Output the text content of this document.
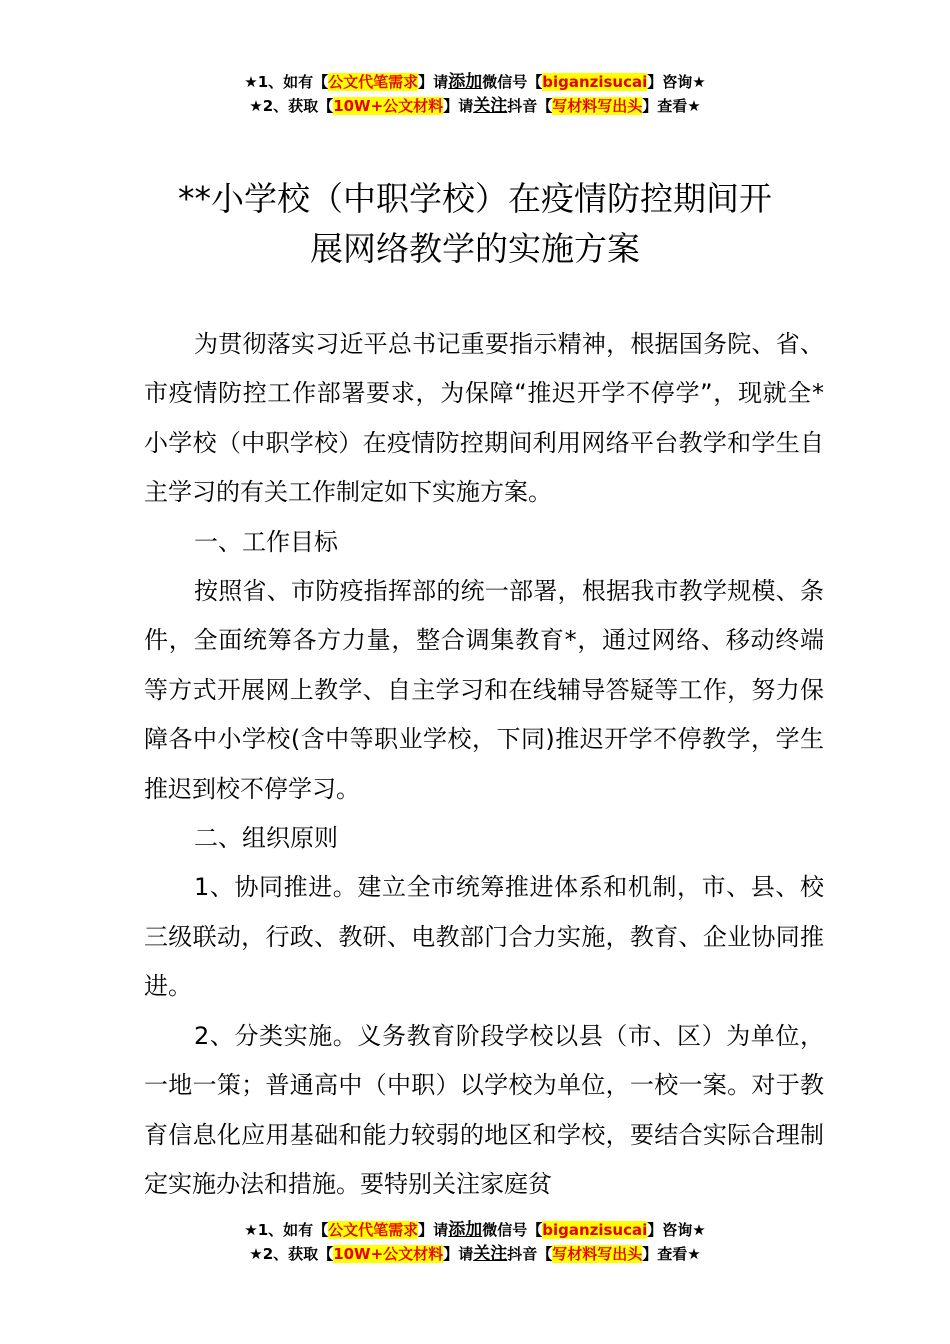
★1、如有【公文代笔需求】请添加微信号【biganzisucai】咨询★
★2、获取【10W+公文材料】请关注抖音【写材料写出头】查看★
**小学校（中职学校）在疫情防控期间开
展网络教学的实施方案

为贯彻落实习近平总书记重要指示精神，根据国务院、省、市疫情防控工作部署要求，为保障“推迟开学不停学”，现就全*小学校（中职学校）在疫情防控期间利用网络平台教学和学生自主学习的有关工作制定如下实施方案。

一、工作目标

按照省、市防疫指挥部的统一部署，根据我市教学规模、条件，全面统筹各方力量，整合调集教育*，通过网络、移动终端等方式开展网上教学、自主学习和在线辅导答疑等工作，努力保障各中小学校(含中等职业学校，下同)推迟开学不停教学，学生推迟到校不停学习。

二、组织原则

1、协同推进。建立全市统筹推进体系和机制，市、县、校三级联动，行政、教研、电教部门合力实施，教育、企业协同推进。

2、分类实施。义务教育阶段学校以县（市、区）为单位，一地一策；普通高中（中职）以学校为单位，一校一案。对于教育信息化应用基础和能力较弱的地区和学校，要结合实际合理制定实施办法和措施。要特别关注家庭贫

★1、如有【公文代笔需求】请添加微信号【biganzisucai】咨询★
★2、获取【10W+公文材料】请关注抖音【写材料写出头】查看★
